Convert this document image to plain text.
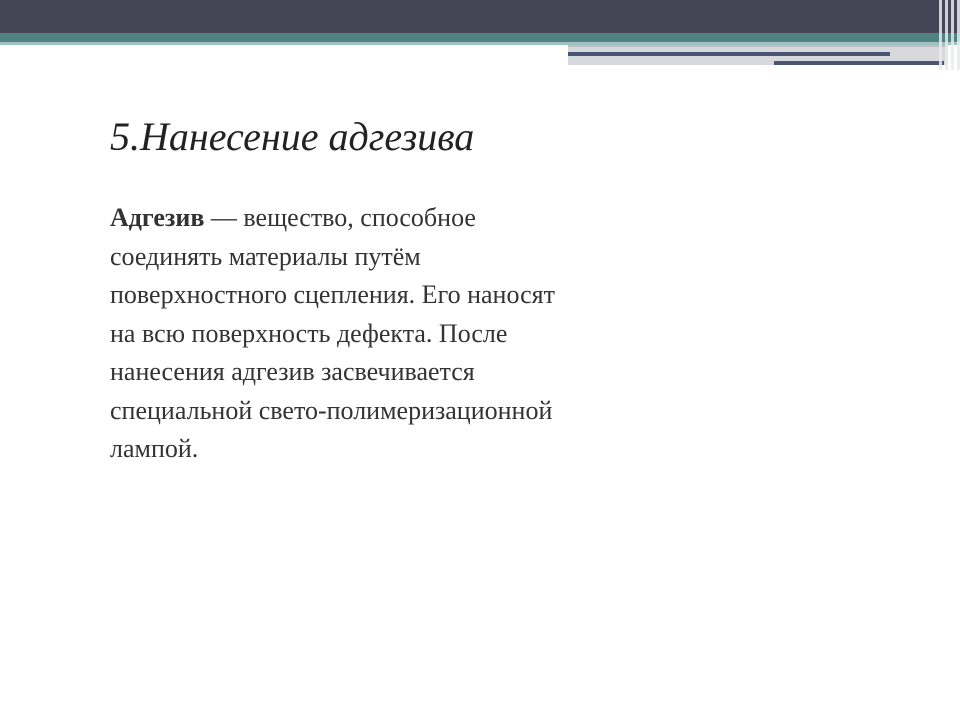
5.Нанесение адгезива
Адгезив — вещество, способное
соединять материалы путём
поверхностного сцепления. Его наносят
на всю поверхность дефекта. После
нанесения адгезив засвечивается
специальной свето-полимеризационной
лампой.
